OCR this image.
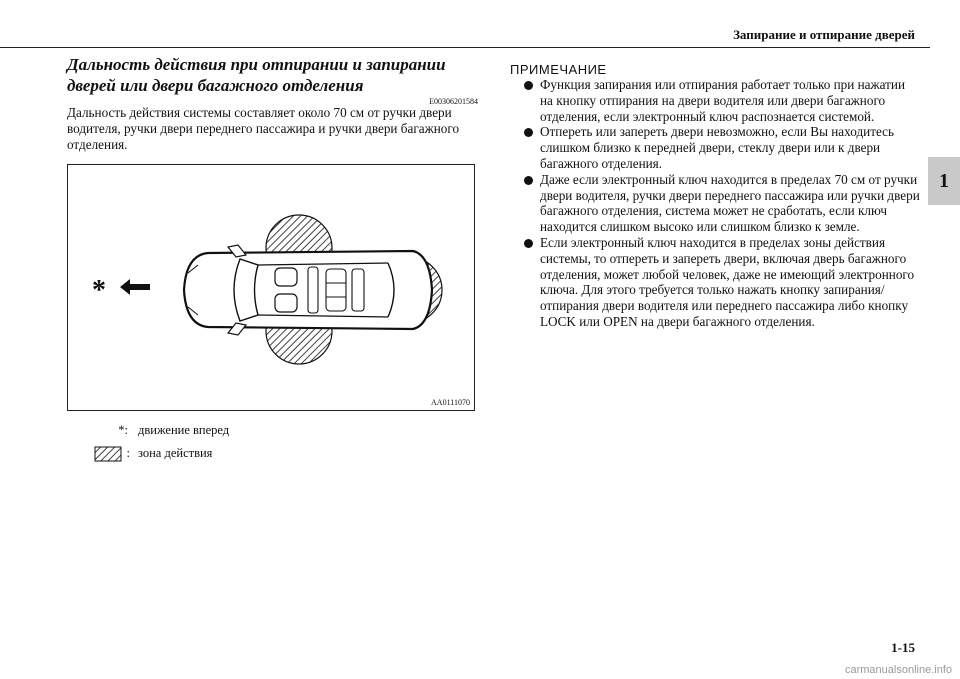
Запирание и отпирание дверей
1
Дальность действия при отпирании и запирании дверей или двери багажного отделения
E00306201584

Дальность действия системы составляет около 70 см от ручки двери водителя, ручки двери переднего пассажира и ручки двери багажного отделения.

*
AA0111070
*: движение вперед
: зона действия
ПРИМЕЧАНИЕ
Функция запирания или отпирания работает только при нажатии на кнопку отпирания на двери водителя или двери багажного отделения, если электронный ключ распознается системой.
Отпереть или запереть двери невозможно, если Вы находитесь слишком близко к передней двери, стеклу двери или к двери багажного отделения.
Даже если электронный ключ находится в пределах 70 см от ручки двери водителя, ручки двери переднего пассажира или ручки двери багажного отделения, система может не сработать, если ключ находится слишком высоко или слишком близко к земле.
Если электронный ключ находится в пределах зоны действия системы, то отпереть и запереть двери, включая дверь багажного отделения, может любой человек, даже не имеющий электронного ключа. Для этого требуется только нажать кнопку запирания/отпирания двери водителя или переднего пассажира либо кнопку LOCK или OPEN на двери багажного отделения.
1-15
carmanualsonline.info
